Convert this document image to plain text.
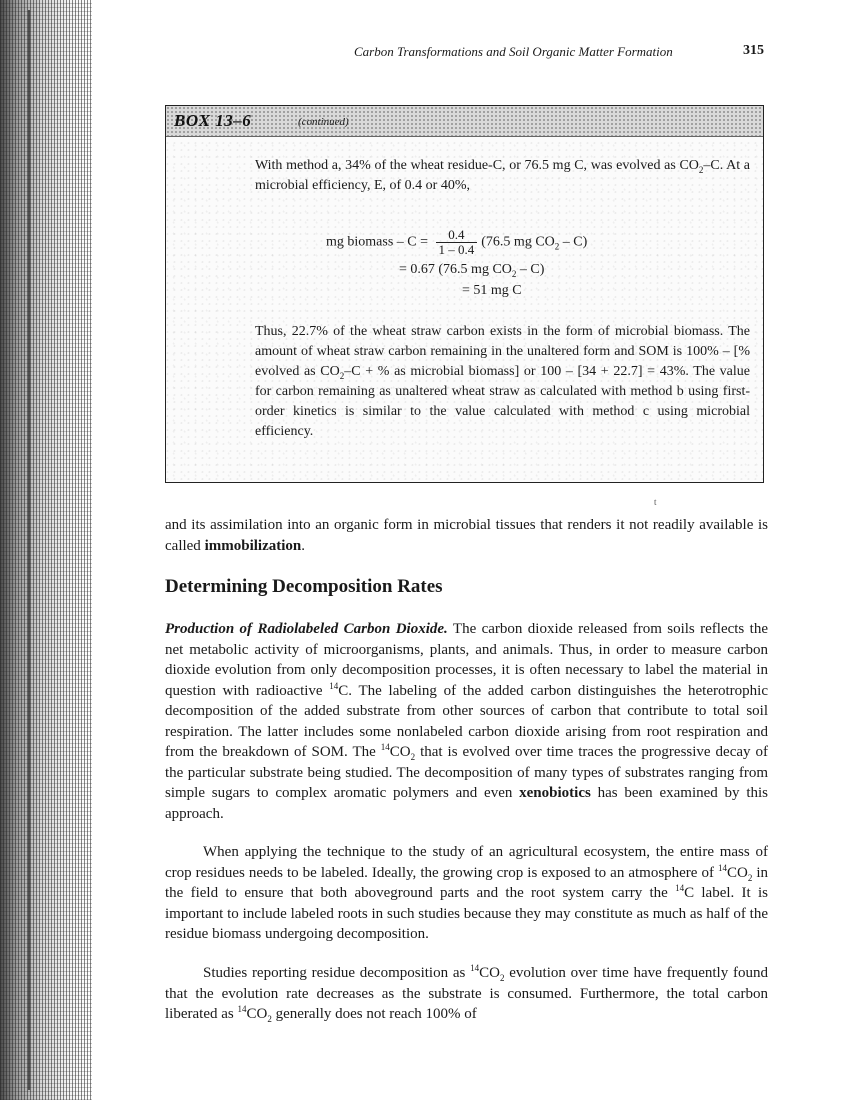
Carbon Transformations and Soil Organic Matter Formation	315
BOX 13–6	(continued)
With method a, 34% of the wheat residue-C, or 76.5 mg C, was evolved as $CO_2-C$. At a microbial efficiency, E, of 0.4 or 40%,
mg biomass – $C = \frac{0.4}{1 - 0.4} (76.5$ mg $CO_2 - C$)
= 0.67 (76.5 mg $CO_2 - C$)
= 51 mg C
Thus, 22.7% of the wheat straw carbon exists in the form of microbial biomass. The amount of wheat straw carbon remaining in the unaltered form and SOM is 100% – [% evolved as $CO_2-C$ + % as microbial biomass] or 100 – [34 + 22.7] = 43%. The value for carbon remaining as unaltered wheat straw as calculated with method b using first-order kinetics is similar to the value calculated with method c using microbial efficiency.
t

and its assimilation into an organic form in microbial tissues that renders it not readily available is called immobilization.

Determining Decomposition Rates

Production of Radiolabeled Carbon Dioxide. The carbon dioxide released from soils reflects the net metabolic activity of microorganisms, plants, and animals. Thus, in order to measure carbon dioxide evolution from only decomposition processes, it is often necessary to label the material in question with radioactive $^{14}$C. The labeling of the added carbon distinguishes the heterotrophic decomposition of the added substrate from other sources of carbon that contribute to total soil respiration. The latter includes some nonlabeled carbon dioxide arising from root respiration and from the breakdown of SOM. The $^{14}CO_2$ that is evolved over time traces the progressive decay of the particular substrate being studied. The decomposition of many types of substrates ranging from simple sugars to complex aromatic polymers and even xenobiotics has been examined by this approach.

When applying the technique to the study of an agricultural ecosystem, the entire mass of crop residues needs to be labeled. Ideally, the growing crop is exposed to an atmosphere of $^{14}CO_2$ in the field to ensure that both aboveground parts and the root system carry the $^{14}$C label. It is important to include labeled roots in such studies because they may constitute as much as half of the residue biomass undergoing decomposition.

Studies reporting residue decomposition as $^{14}CO_2$ evolution over time have frequently found that the evolution rate decreases as the substrate is consumed. Furthermore, the total carbon liberated as $^{14}CO_2$ generally does not reach 100% of
